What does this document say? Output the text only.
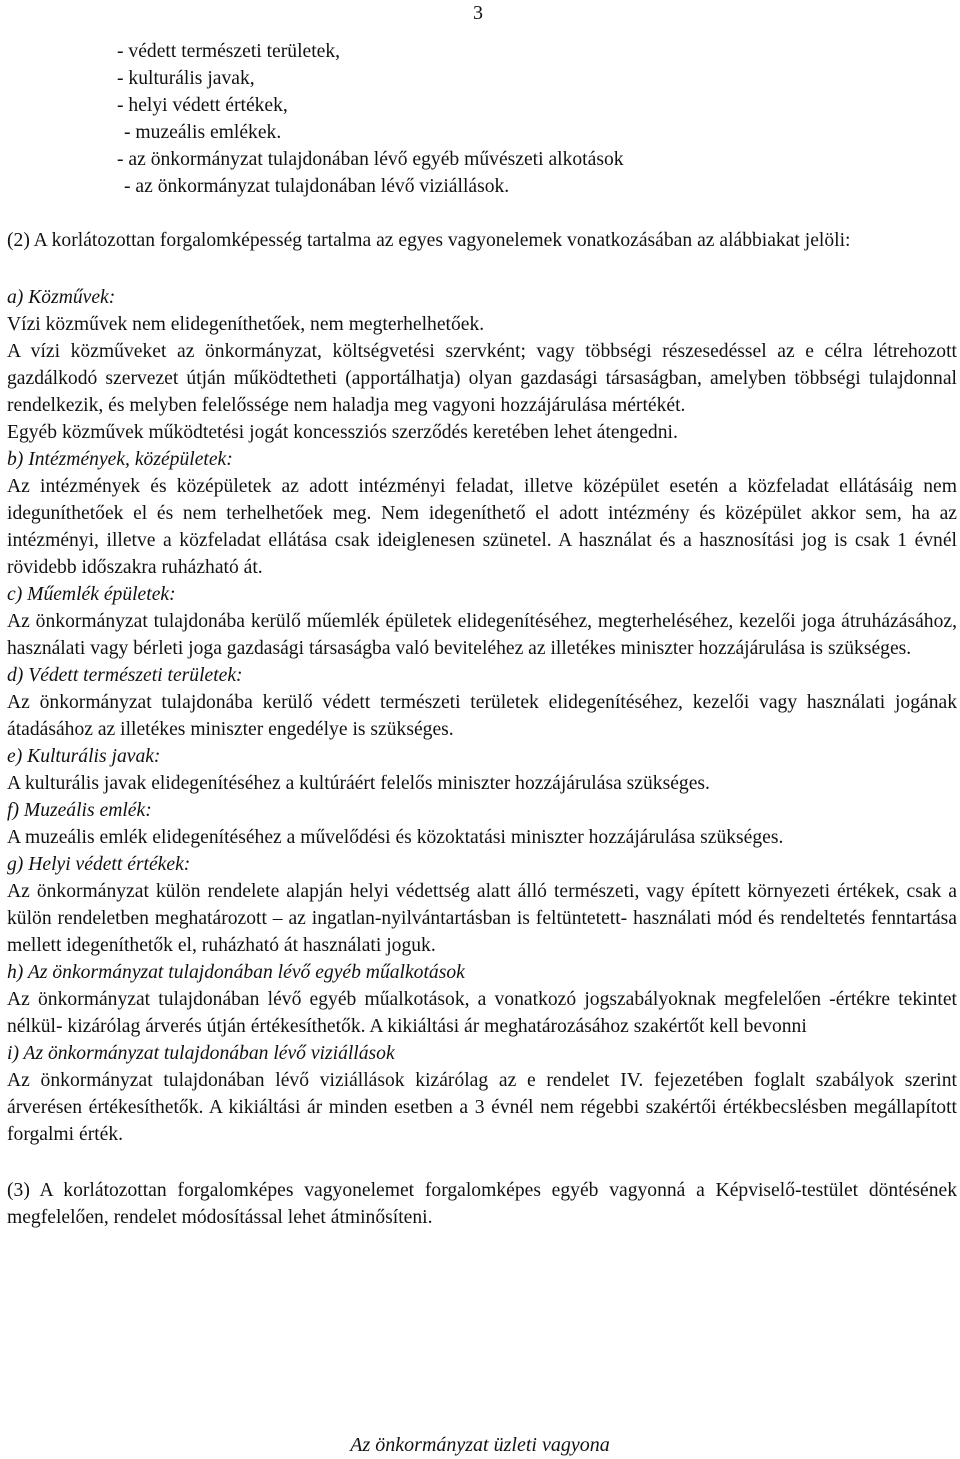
3
- védett természeti területek,
- kulturális javak,
- helyi védett értékek,
- muzeális emlékek.
- az önkormányzat tulajdonában lévő egyéb művészeti alkotások
- az önkormányzat tulajdonában lévő viziállások.

(2) A korlátozottan forgalomképesség tartalma az egyes vagyonelemek vonatkozásában az alábbiakat jelöli:

a) Közművek:

Vízi közművek nem elidegeníthetőek, nem megterhelhetőek.

A vízi közműveket az önkormányzat, költségvetési szervként; vagy többségi részesedéssel az e célra létrehozott gazdálkodó szervezet útján működtetheti (apportálhatja) olyan gazdasági társaságban, amelyben többségi tulajdonnal rendelkezik, és melyben felelőssége nem haladja meg vagyoni hozzájárulása mértékét.

Egyéb közművek működtetési jogát koncessziós szerződés keretében lehet átengedni.

b) Intézmények, középületek:

Az intézmények és középületek az adott intézményi feladat, illetve középület esetén a közfeladat ellátásáig nem ideguníthetőek el és nem terhelhetőek meg. Nem idegeníthető el adott intézmény és középület akkor sem, ha az intézményi, illetve a közfeladat ellátása csak ideiglenesen szünetel. A használat és a hasznosítási jog is csak 1 évnél rövidebb időszakra ruházható át.

c) Műemlék épületek:

Az önkormányzat tulajdonába kerülő műemlék épületek elidegenítéséhez, megterheléséhez, kezelői joga átruházásához, használati vagy bérleti joga gazdasági társaságba való beviteléhez az illetékes miniszter hozzájárulása is szükséges.

d) Védett természeti területek:

Az önkormányzat tulajdonába kerülő védett természeti területek elidegenítéséhez, kezelői vagy használati jogának átadásához az illetékes miniszter engedélye is szükséges.

e) Kulturális javak:

A kulturális javak elidegenítéséhez a kultúráért felelős miniszter hozzájárulása szükséges.

f) Muzeális emlék:

A muzeális emlék elidegenítéséhez a művelődési és közoktatási miniszter hozzájárulása szükséges.

g) Helyi védett értékek:

Az önkormányzat külön rendelete alapján helyi védettség alatt álló természeti, vagy épített környezeti értékek, csak a külön rendeletben meghatározott – az ingatlan-nyilvántartásban is feltüntetett- használati mód és rendeltetés fenntartása mellett idegeníthetők el, ruházható át használati joguk.

h) Az önkormányzat tulajdonában lévő egyéb műalkotások

Az önkormányzat tulajdonában lévő egyéb műalkotások, a vonatkozó jogszabályoknak megfelelően -értékre tekintet nélkül- kizárólag árverés útján értékesíthetők. A kikiáltási ár meghatározásához szakértőt kell bevonni

i) Az önkormányzat tulajdonában lévő viziállások

Az önkormányzat tulajdonában lévő viziállások kizárólag az e rendelet IV. fejezetében foglalt szabályok szerint árverésen értékesíthetők. A kikiáltási ár minden esetben a 3 évnél nem régebbi szakértői értékbecslésben megállapított forgalmi érték.

(3) A korlátozottan forgalomképes vagyonelemet forgalomképes egyéb vagyonná a Képviselő-testület döntésének megfelelően, rendelet módosítással lehet átminősíteni.

Az önkormányzat üzleti vagyona
